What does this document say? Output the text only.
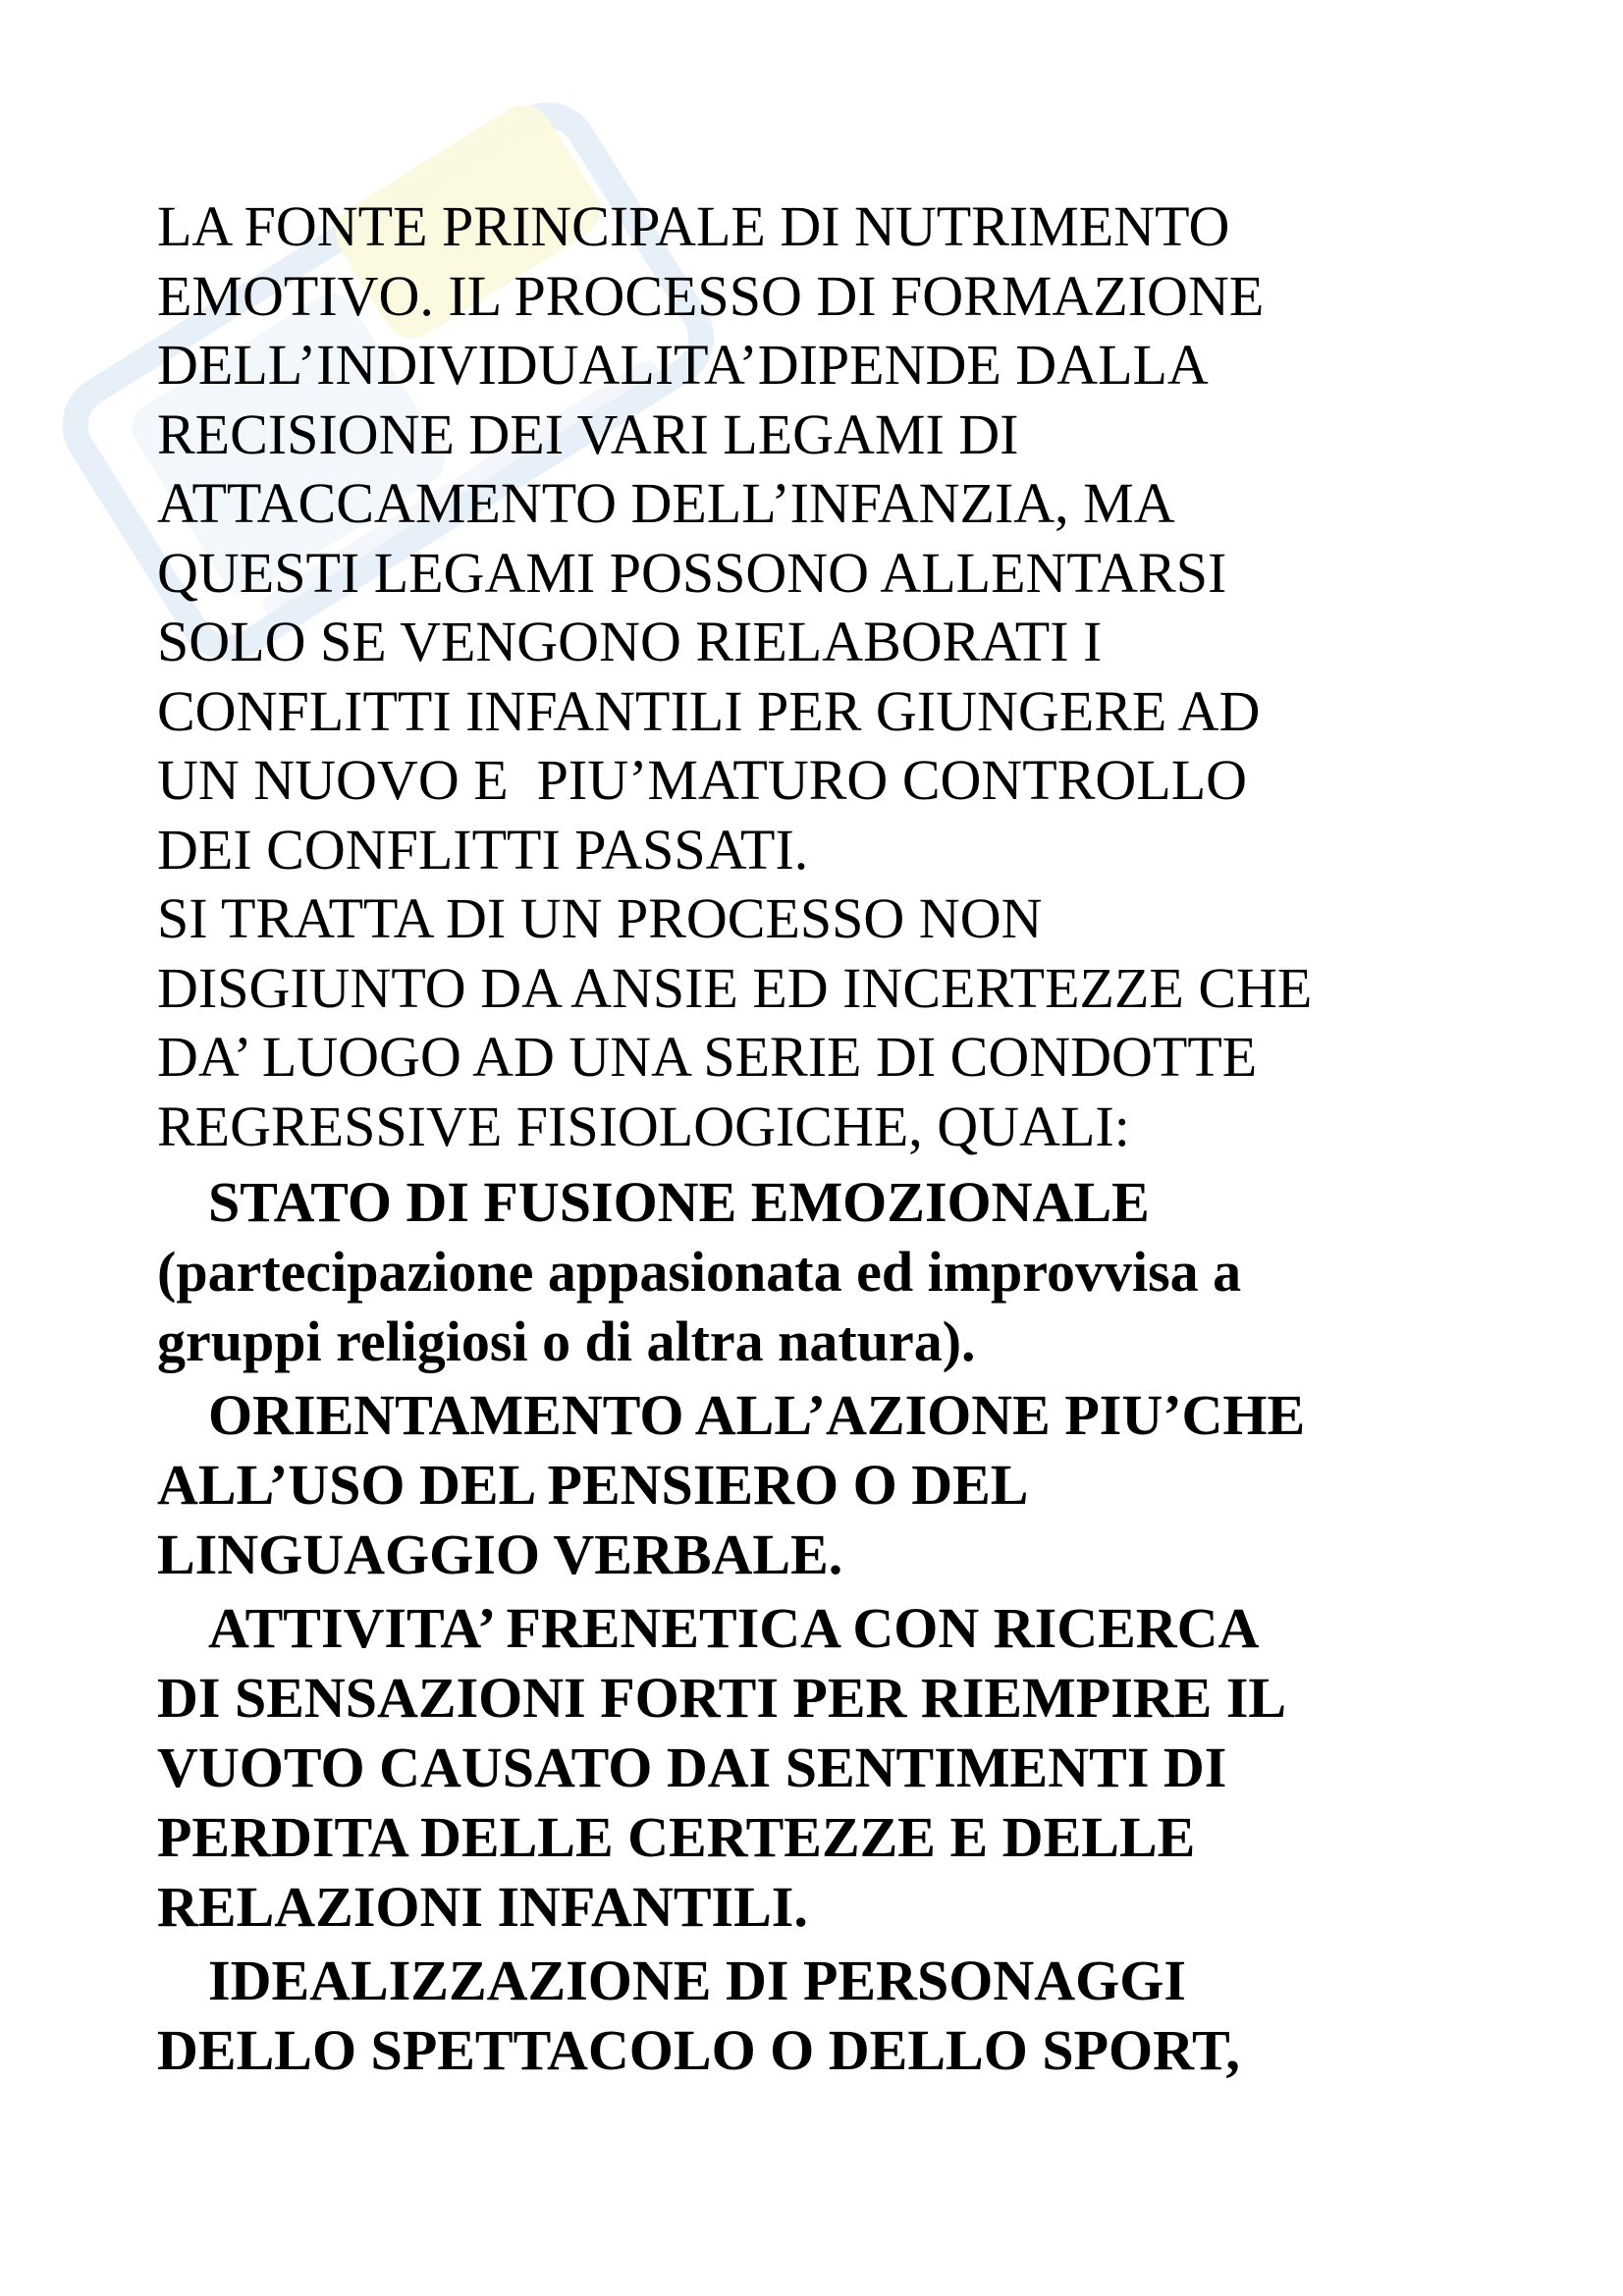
LA FONTE PRINCIPALE DI NUTRIMENTO
EMOTIVO. IL PROCESSO DI FORMAZIONE
DELL’INDIVIDUALITA’DIPENDE DALLA
RECISIONE DEI VARI LEGAMI DI
ATTACCAMENTO DELL’INFANZIA, MA
QUESTI LEGAMI POSSONO ALLENTARSI
SOLO SE VENGONO RIELABORATI I
CONFLITTI INFANTILI PER GIUNGERE AD
UN NUOVO E  PIU’MATURO CONTROLLO
DEI CONFLITTI PASSATI.
SI TRATTA DI UN PROCESSO NON
DISGIUNTO DA ANSIE ED INCERTEZZE CHE
DA’ LUOGO AD UNA SERIE DI CONDOTTE
REGRESSIVE FISIOLOGICHE, QUALI:
STATO DI FUSIONE EMOZIONALE
(partecipazione appasionata ed improvvisa a
gruppi religiosi o di altra natura).
ORIENTAMENTO ALL’AZIONE PIU’CHE
ALL’USO DEL PENSIERO O DEL
LINGUAGGIO VERBALE.
ATTIVITA’ FRENETICA CON RICERCA
DI SENSAZIONI FORTI PER RIEMPIRE IL
VUOTO CAUSATO DAI SENTIMENTI DI
PERDITA DELLE CERTEZZE E DELLE
RELAZIONI INFANTILI.
IDEALIZZAZIONE DI PERSONAGGI
DELLO SPETTACOLO O DELLO SPORT,
